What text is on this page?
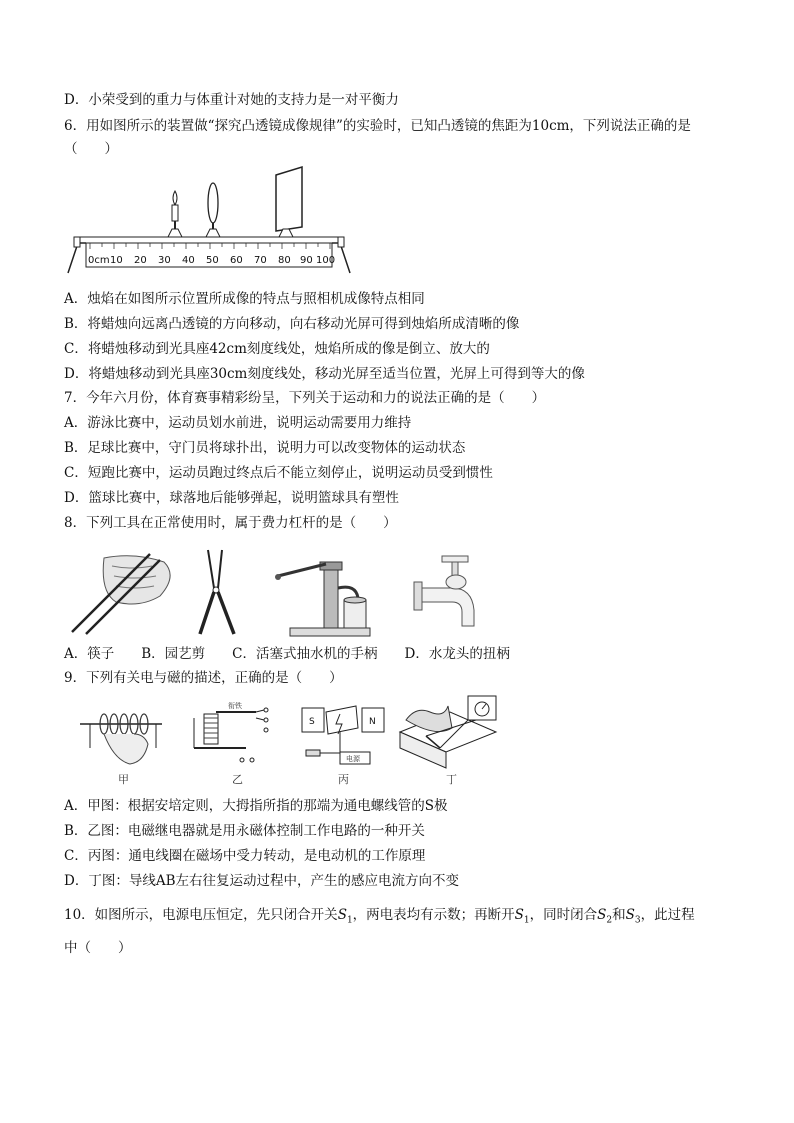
D．小荣受到的重力与体重计对她的支持力是一对平衡力
6．用如图所示的装置做“探究凸透镜成像规律”的实验时，已知凸透镜的焦距为10cm，下列说法正确的是
（　　）
0cm 10 20 30 40 50 60 70 80 90 100
A．烛焰在如图所示位置所成像的特点与照相机成像特点相同
B．将蜡烛向远离凸透镜的方向移动，向右移动光屏可得到烛焰所成清晰的像
C．将蜡烛移动到光具座42cm刻度线处，烛焰所成的像是倒立、放大的
D．将蜡烛移动到光具座30cm刻度线处，移动光屏至适当位置，光屏上可得到等大的像
7．今年六月份，体育赛事精彩纷呈，下列关于运动和力的说法正确的是（　　）
A．游泳比赛中，运动员划水前进，说明运动需要用力维持
B．足球比赛中，守门员将球扑出，说明力可以改变物体的运动状态
C．短跑比赛中，运动员跑过终点后不能立刻停止，说明运动员受到惯性
D．篮球比赛中，球落地后能够弹起，说明篮球具有塑性
8．下列工具在正常使用时，属于费力杠杆的是（　　）
A．筷子　　B．园艺剪　　C．活塞式抽水机的手柄　　D．水龙头的扭柄
9．下列有关电与磁的描述，正确的是（　　）
甲
衔铁
乙
S	N
电源
丙	丁
A．甲图：根据安培定则，大拇指所指的那端为通电螺线管的S极
B．乙图：电磁继电器就是用永磁体控制工作电路的一种开关
C．丙图：通电线圈在磁场中受力转动，是电动机的工作原理
D．丁图：导线AB左右往复运动过程中，产生的感应电流方向不变
10．如图所示，电源电压恒定，先只闭合开关$S_1$，两电表均有示数；再断开$S_1$，同时闭合$S_2$和$S_3$，此过程
中（　　）
